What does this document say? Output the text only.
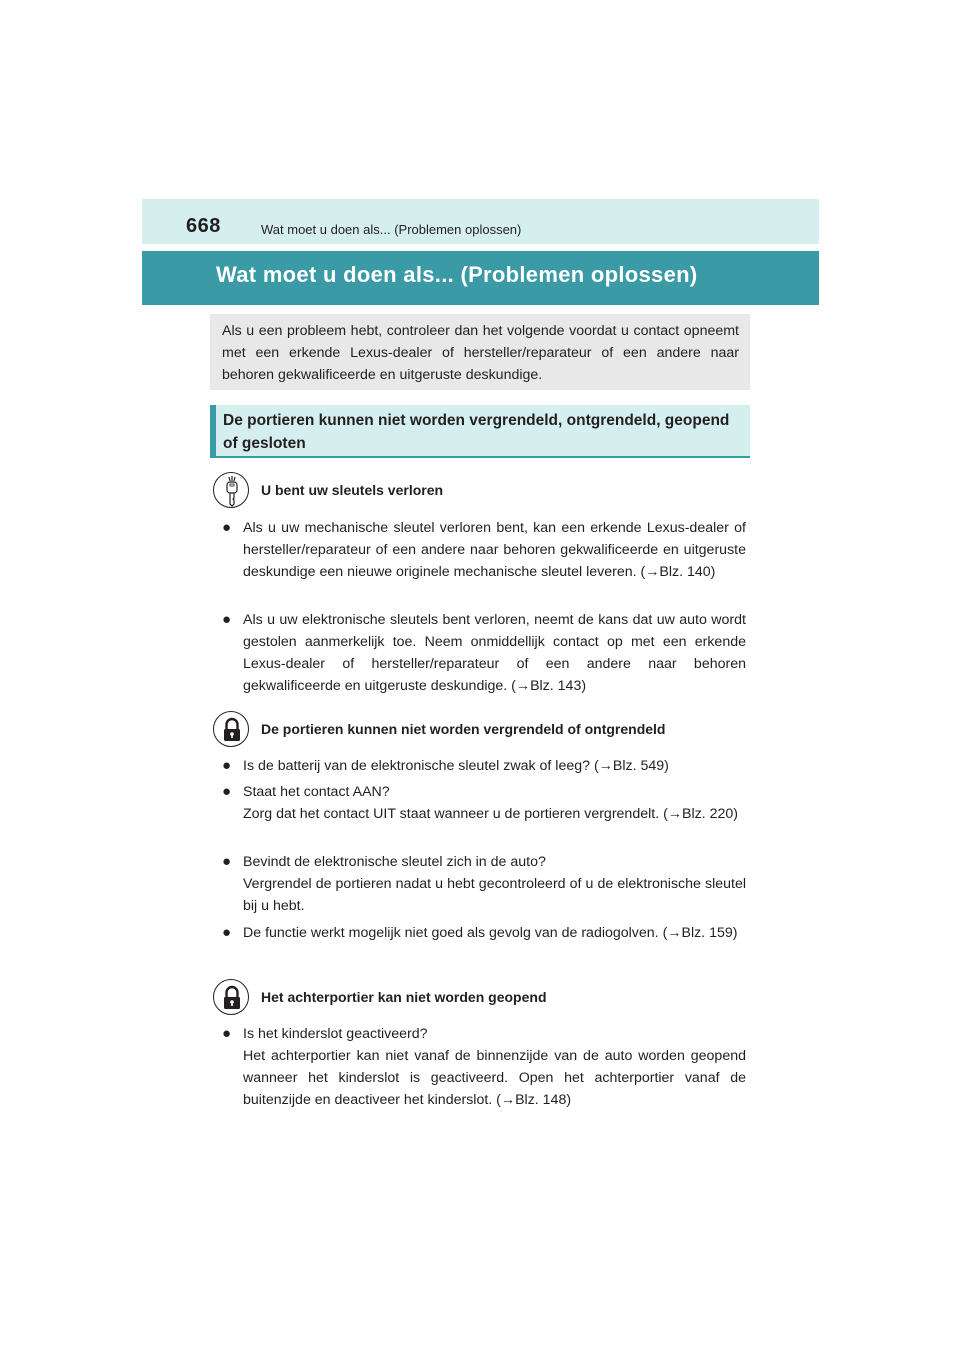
668	Wat moet u doen als... (Problemen oplossen)
Wat moet u doen als... (Problemen oplossen)
Als u een probleem hebt, controleer dan het volgende voordat u contact opneemt met een erkende Lexus-dealer of hersteller/reparateur of een andere naar behoren gekwalificeerde en uitgeruste deskundige.
De portieren kunnen niet worden vergrendeld, ontgrendeld, geopend of gesloten
U bent uw sleutels verloren
● Als u uw mechanische sleutel verloren bent, kan een erkende Lexus-dealer of hersteller/reparateur of een andere naar behoren gekwalificeerde en uitgeruste deskundige een nieuwe originele mechanische sleutel leveren. (→Blz. 140)
● Als u uw elektronische sleutels bent verloren, neemt de kans dat uw auto wordt gestolen aanmerkelijk toe. Neem onmiddellijk contact op met een erkende Lexus-dealer of hersteller/reparateur of een andere naar behoren gekwalificeerde en uitgeruste deskundige. (→Blz. 143)
De portieren kunnen niet worden vergrendeld of ontgrendeld
● Is de batterij van de elektronische sleutel zwak of leeg? (→Blz. 549)
● Staat het contact AAN?
Zorg dat het contact UIT staat wanneer u de portieren vergrendelt. (→Blz. 220)
● Bevindt de elektronische sleutel zich in de auto?
Vergrendel de portieren nadat u hebt gecontroleerd of u de elektronische sleutel bij u hebt.
● De functie werkt mogelijk niet goed als gevolg van de radiogolven. (→Blz. 159)
Het achterportier kan niet worden geopend
● Is het kinderslot geactiveerd?
Het achterportier kan niet vanaf de binnenzijde van de auto worden geopend wanneer het kinderslot is geactiveerd. Open het achterportier vanaf de buitenzijde en deactiveer het kinderslot. (→Blz. 148)
